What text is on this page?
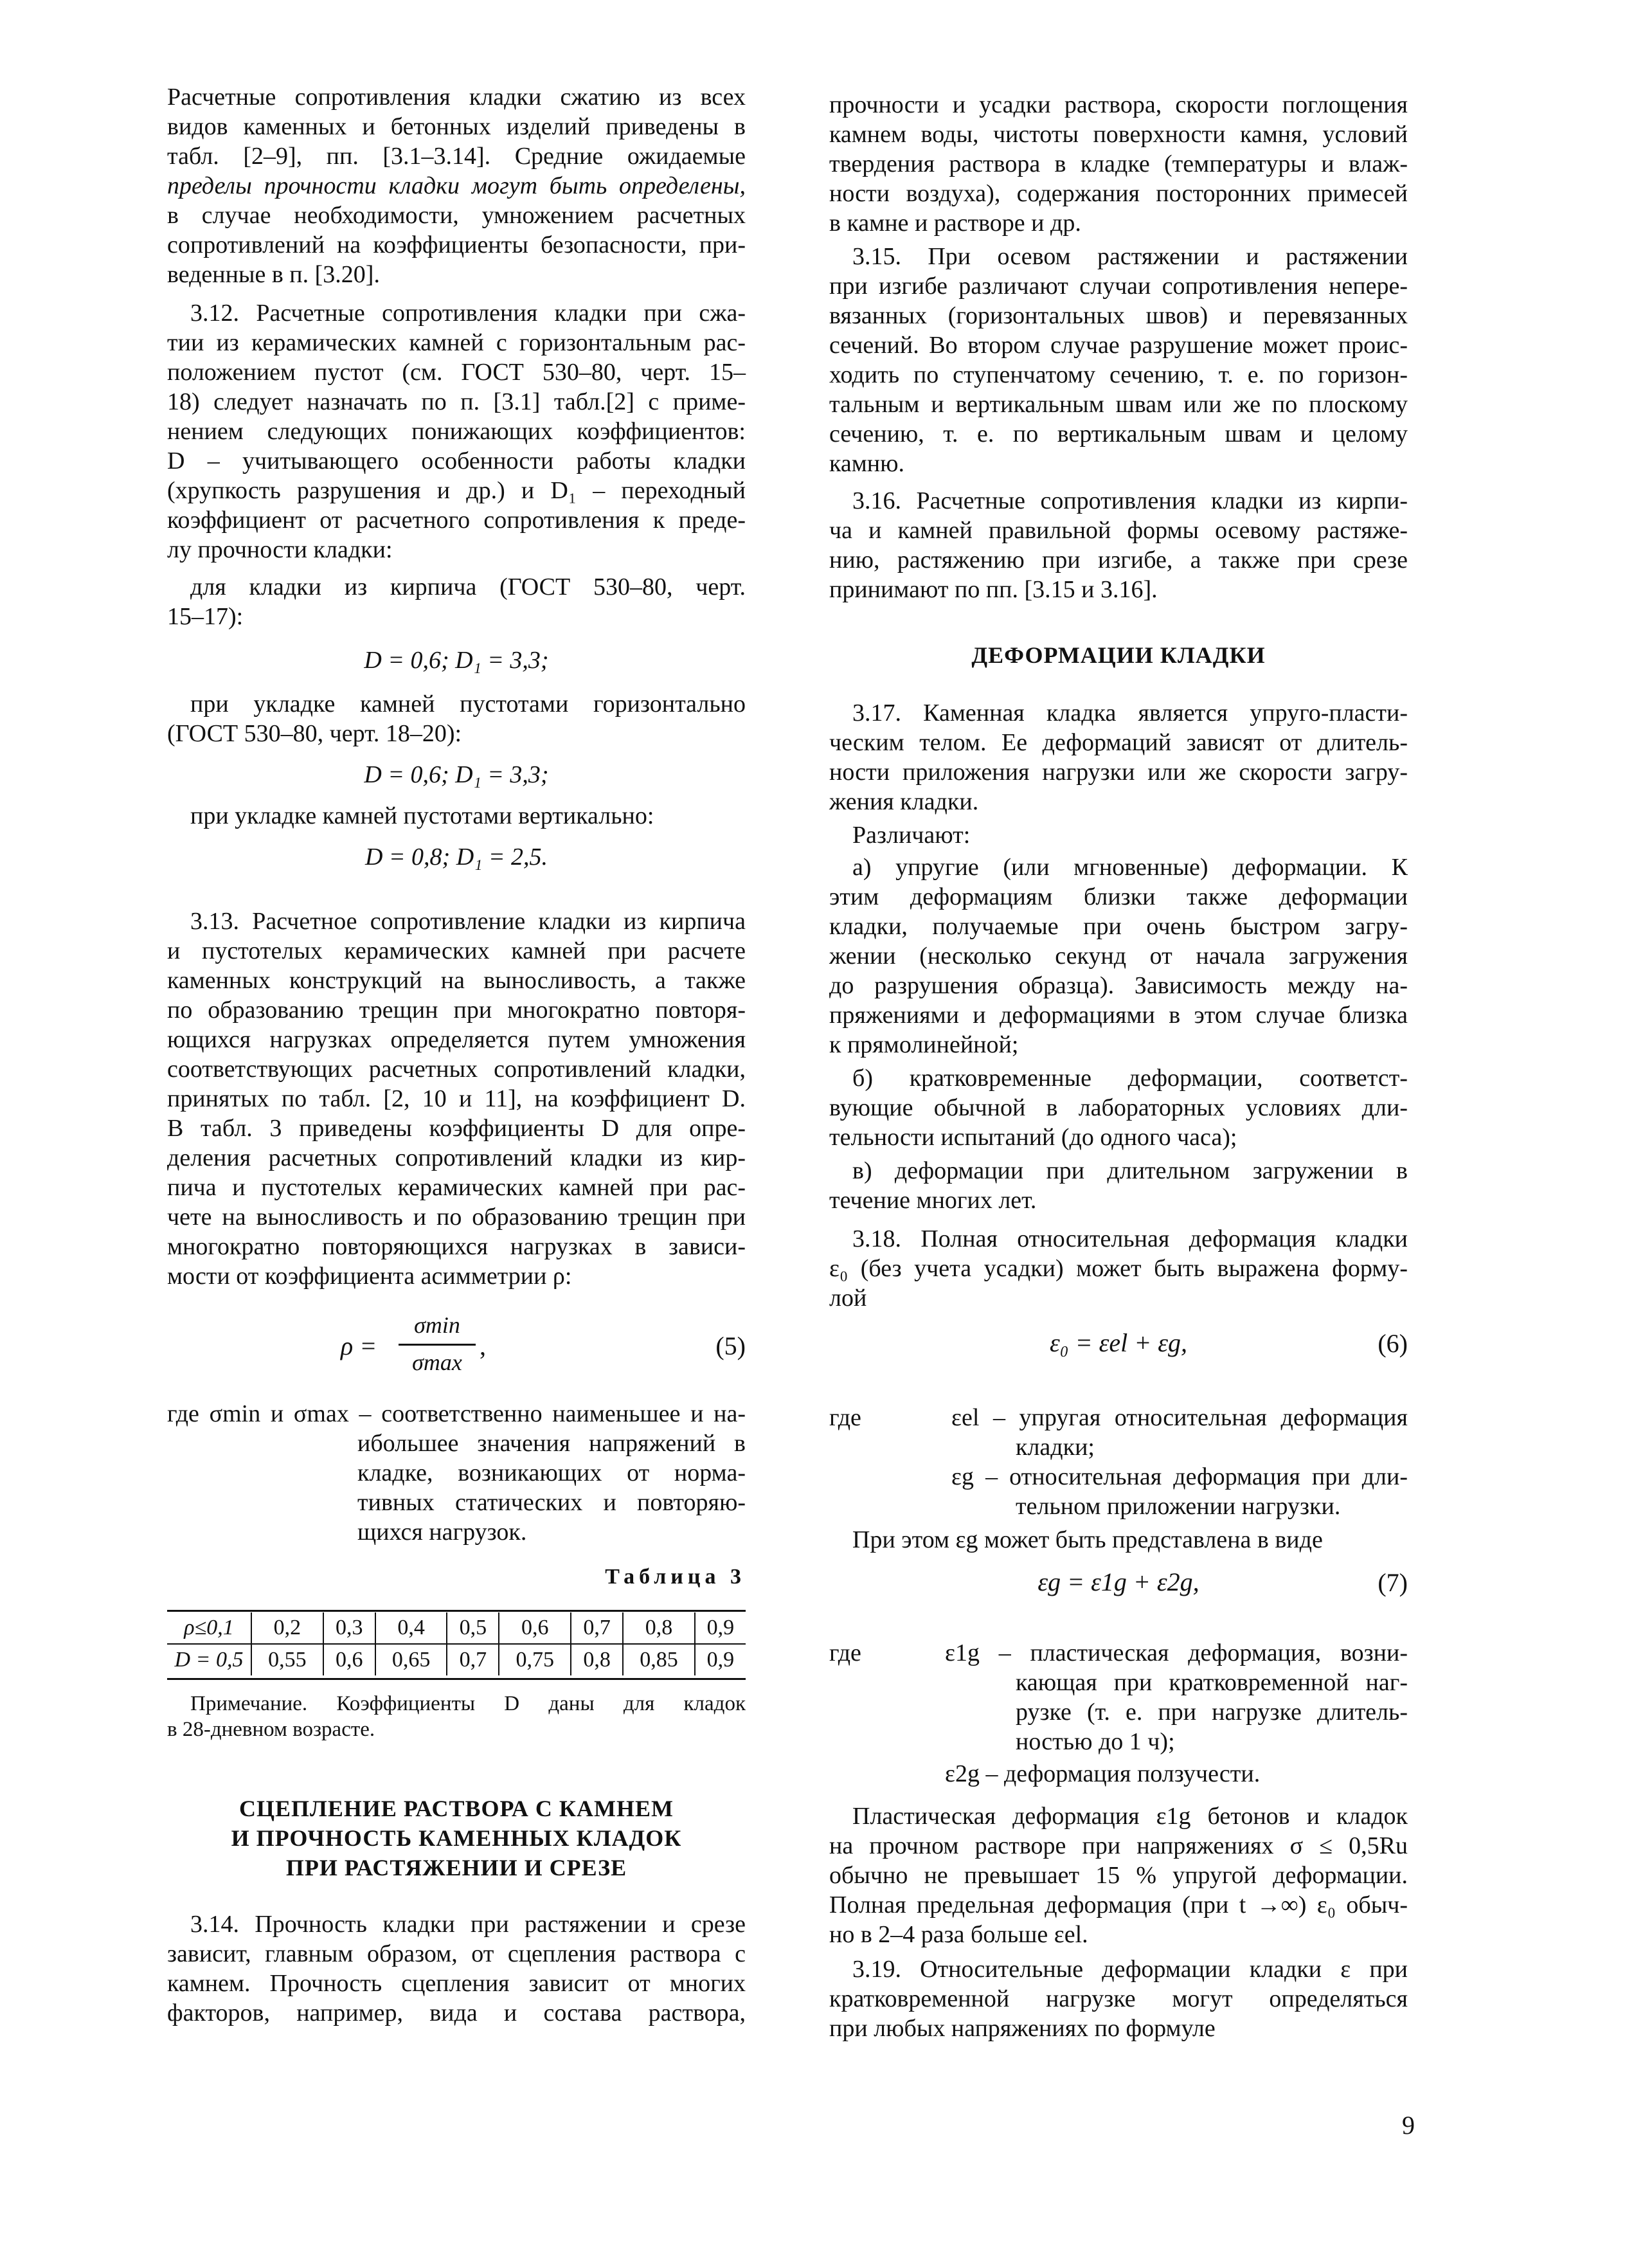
Расчетные сопротивления кладки сжатию из всех
видов каменных и бетонных изделий приведены в
табл. [2–9], пп. [3.1–3.14]. Средние ожидаемые
пределы прочности кладки могут быть определены,
в случае необходимости, умножением расчетных
сопротивлений на коэффициенты безопасности, при-
веденные в п. [3.20].
3.12. Расчетные сопротивления кладки при сжа-
тии из керамических камней с горизонтальным рас-
положением пустот (см. ГОСТ 530–80, черт. 15–
18) следует назначать по п. [3.1] табл.[2] с приме-
нением следующих понижающих коэффициентов:
D – учитывающего особенности работы кладки
(хрупкость разрушения и др.) и D₁ – переходный
коэффициент от расчетного сопротивления к преде-
лу прочности кладки:
для кладки из кирпича (ГОСТ 530–80, черт.
15–17):
D = 0,6; D₁ = 3,3;
при укладке камней пустотами горизонтально
(ГОСТ 530–80, черт. 18–20):
D = 0,6; D₁ = 3,3;
при укладке камней пустотами вертикально:
D = 0,8; D₁ = 2,5.
3.13. Расчетное сопротивление кладки из кирпича
и пустотелых керамических камней при расчете
каменных конструкций на выносливость, а также
по образованию трещин при многократно повторя-
ющихся нагрузках определяется путем умножения
соответствующих расчетных сопротивлений кладки,
принятых по табл. [2, 10 и 11], на коэффициент D.
В табл. 3 приведены коэффициенты D для опре-
деления расчетных сопротивлений кладки из кир-
пича и пустотелых керамических камней при рас-
чете на выносливость и по образованию трещин при
многократно повторяющихся нагрузках в зависи-
мости от коэффициента асимметрии ρ:
ρ =
σmin
σmax
,	(5)
где σmin и σmax – соответственно наименьшее и на-
ибольшее значения напряжений в
кладке, возникающих от норма-
тивных статических и повторяю-
щихся нагрузок.
Таблица 3
ρ≤0,1	0,2	0,3	0,4	0,5	0,6	0,7	0,8	0,9
D = 0,5	0,55	0,6	0,65	0,7	0,75	0,8	0,85	0,9
Примечание. Коэффициенты D даны для кладок
в 28-дневном возрасте.
СЦЕПЛЕНИЕ РАСТВОРА С КАМНЕМ
И ПРОЧНОСТЬ КАМЕННЫХ КЛАДОК
ПРИ РАСТЯЖЕНИИ И СРЕЗЕ
3.14. Прочность кладки при растяжении и срезе
зависит, главным образом, от сцепления раствора с
камнем. Прочность сцепления зависит от многих
факторов, например, вида и состава раствора,
прочности и усадки раствора, скорости поглощения
камнем воды, чистоты поверхности камня, условий
твердения раствора в кладке (температуры и влаж-
ности воздуха), содержания посторонних примесей
в камне и растворе и др.
3.15. При осевом растяжении и растяжении
при изгибе различают случаи сопротивления непере-
вязанных (горизонтальных швов) и перевязанных
сечений. Во втором случае разрушение может проис-
ходить по ступенчатому сечению, т. е. по горизон-
тальным и вертикальным швам или же по плоскому
сечению, т. е. по вертикальным швам и целому
камню.
3.16. Расчетные сопротивления кладки из кирпи-
ча и камней правильной формы осевому растяже-
нию, растяжению при изгибе, а также при срезе
принимают по пп. [3.15 и 3.16].
ДЕФОРМАЦИИ КЛАДКИ
3.17. Каменная кладка является упруго-пласти-
ческим телом. Ее деформаций зависят от длитель-
ности приложения нагрузки или же скорости загру-
жения кладки.
Различают:
а) упругие (или мгновенные) деформации. К
этим деформациям близки также деформации
кладки, получаемые при очень быстром загру-
жении (несколько секунд от начала загружения
до разрушения образца). Зависимость между на-
пряжениями и деформациями в этом случае близка
к прямолинейной;
б) кратковременные деформации, соответст-
вующие обычной в лабораторных условиях дли-
тельности испытаний (до одного часа);
в) деформации при длительном загружении в
течение многих лет.
3.18. Полная относительная деформация кладки
ε₀ (без учета усадки) может быть выражена форму-
лой
ε₀ = εel + εg,	(6)
где	εel – упругая относительная деформация
кладки;
εg – относительная деформация при дли-
тельном приложении нагрузки.
При этом εg может быть представлена в виде
εg = ε1g + ε2g,	(7)
где	ε1g – пластическая деформация, возни-
кающая при кратковременной наг-
рузке (т. е. при нагрузке длитель-
ностью до 1 ч);
ε2g – деформация ползучести.
Пластическая деформация ε1g бетонов и кладок
на прочном растворе при напряжениях σ ≤ 0,5Ru
обычно не превышает 15 % упругой деформации.
Полная предельная деформация (при t →∞) ε₀ обыч-
но в 2–4 раза больше εel.
3.19. Относительные деформации кладки ε при
кратковременной нагрузке могут определяться
при любых напряжениях по формуле
9
